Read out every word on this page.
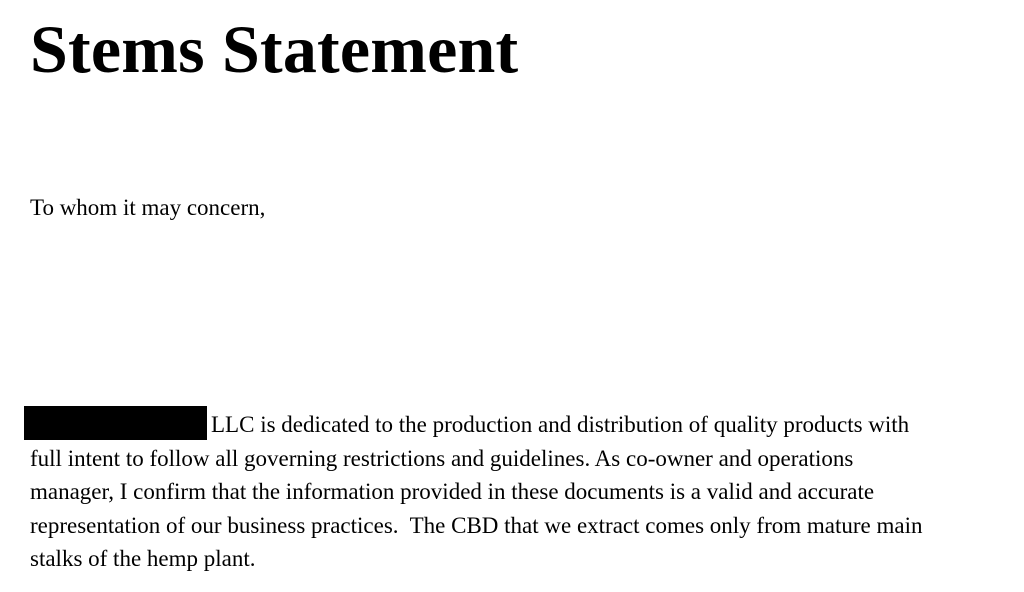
Stems Statement

To whom it may concern,

LLC is dedicated to the production and distribution of quality products with
full intent to follow all governing restrictions and guidelines. As co-owner and operations
manager, I confirm that the information provided in these documents is a valid and accurate
representation of our business practices.  The CBD that we extract comes only from mature main
stalks of the hemp plant.
